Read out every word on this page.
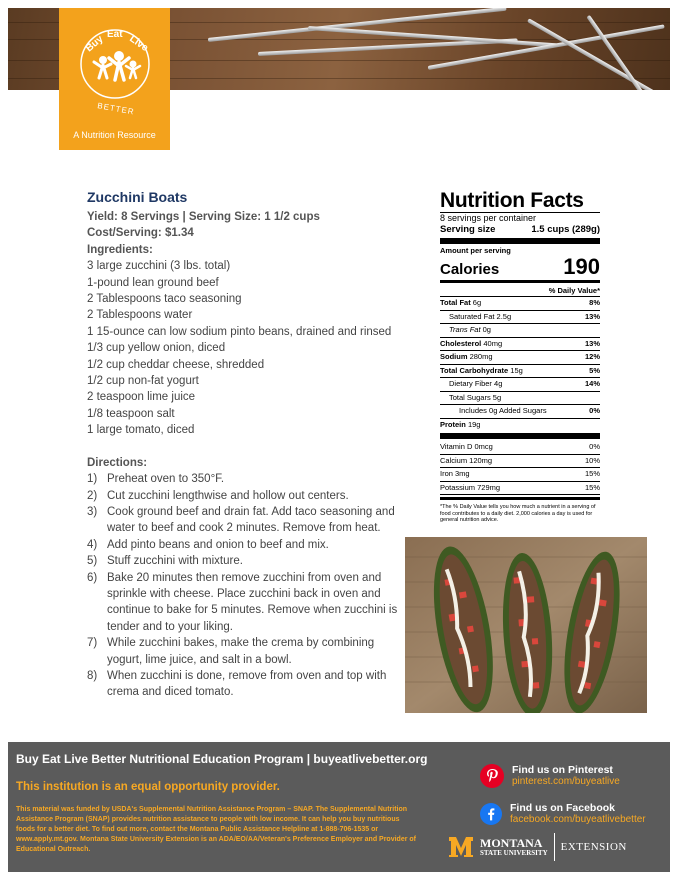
Buy Eat Live
BETTER
A Nutrition Resource
Zucchini Boats
Yield: 8 Servings | Serving Size: 1 1/2 cups
Cost/Serving: $1.34
Ingredients:
3 large zucchini (3 lbs. total)
1-pound lean ground beef
2 Tablespoons taco seasoning
2 Tablespoons water
1 15-ounce can low sodium pinto beans, drained and rinsed
1/3 cup yellow onion, diced
1/2 cup cheddar cheese, shredded
1/2 cup non-fat yogurt
2 teaspoon lime juice
1/8 teaspoon salt
1 large tomato, diced
Directions:
1) Preheat oven to 350°F.
2) Cut zucchini lengthwise and hollow out centers.
3) Cook ground beef and drain fat. Add taco seasoning and water to beef and cook 2 minutes. Remove from heat.
4) Add pinto beans and onion to beef and mix.
5) Stuff zucchini with mixture.
6) Bake 20 minutes then remove zucchini from oven and sprinkle with cheese. Place zucchini back in oven and continue to bake for 5 minutes. Remove when zucchini is tender and to your liking.
7) While zucchini bakes, make the crema by combining yogurt, lime juice, and salt in a bowl.
8) When zucchini is done, remove from oven and top with crema and diced tomato.
Nutrition Facts
8 servings per container
Serving size	1.5 cups (289g)
Amount per serving
Calories	190
% Daily Value*
Total Fat 6g	8%
Saturated Fat 2.5g	13%
Trans Fat 0g
Cholesterol 40mg	13%
Sodium 280mg	12%
Total Carbohydrate 15g	5%
Dietary Fiber 4g	14%
Total Sugars 5g
Includes 0g Added Sugars	0%
Protein 19g
Vitamin D 0mcg	0%
Calcium 120mg	10%
Iron 3mg	15%
Potassium 729mg	15%
*The % Daily Value tells you how much a nutrient in a serving of food contributes to a daily diet. 2,000 calories a day is used for general nutrition advice.
Buy Eat Live Better Nutritional Education Program | buyeatlivebetter.org
This institution is an equal opportunity provider.
This material was funded by USDA's Supplemental Nutrition Assistance Program – SNAP. The Supplemental Nutrition Assistance Program (SNAP) provides nutrition assistance to people with low income. It can help you buy nutritious foods for a better diet. To find out more, contact the Montana Public Assistance Helpline at 1-888-706-1535 or www.apply.mt.gov. Montana State University Extension is an ADA/EO/AA/Veteran's Preference Employer and Provider of Educational Outreach.
Find us on Pinterest
pinterest.com/buyeatlive
Find us on Facebook
facebook.com/buyeatlivebetter
MONTANA
STATE UNIVERSITY EXTENSION
